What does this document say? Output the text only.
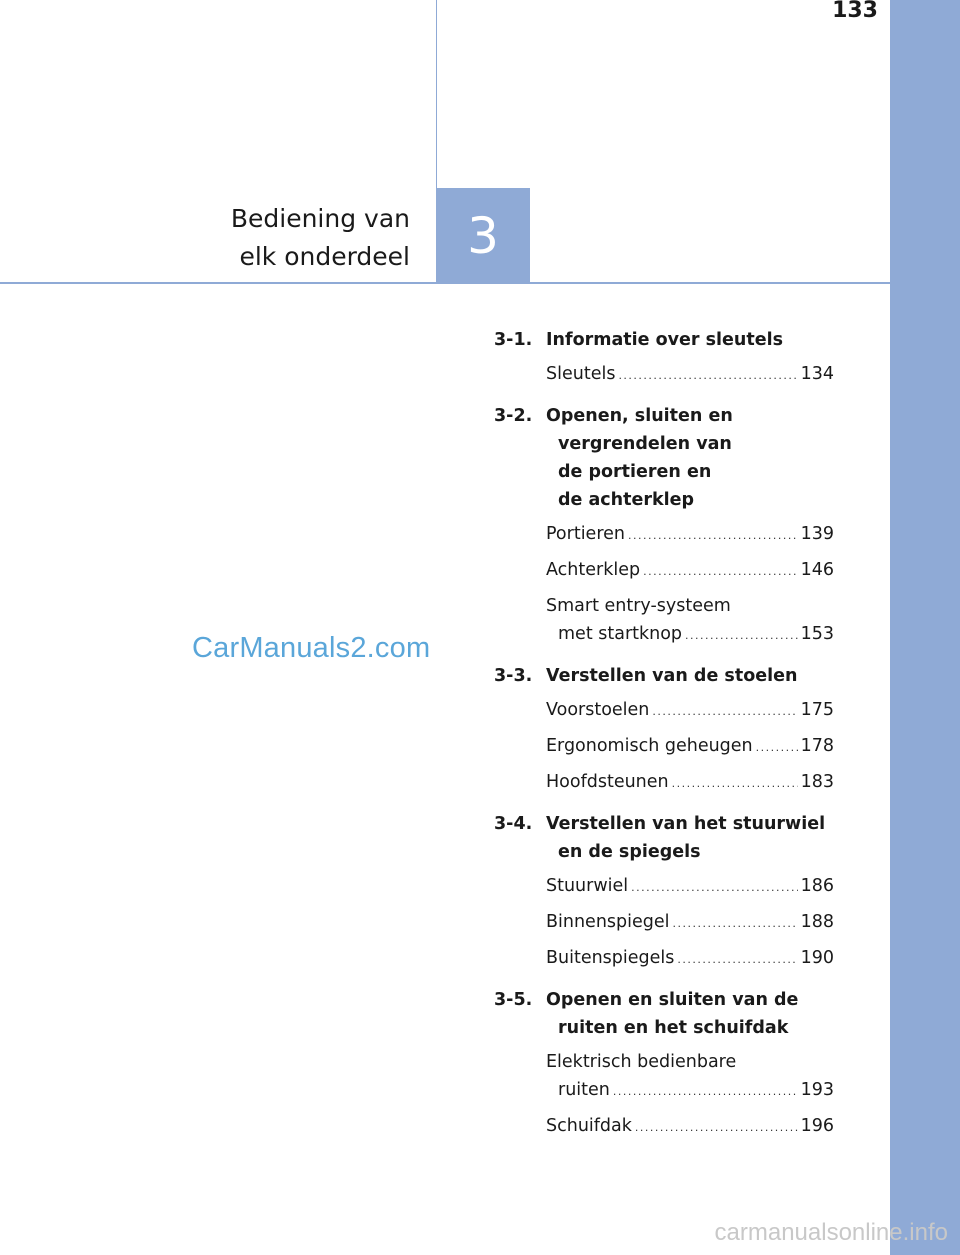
133
Bediening van
elk onderdeel 3
CarManuals2.com
3-1. Informatie over sleutels
Sleutels .....	134
3-2. Openen, sluiten en
vergrendelen van
de portieren en
de achterklep
Portieren .....	139
Achterklep .....	146
Smart entry-systeem
met startknop .....	153
3-3. Verstellen van de stoelen
Voorstoelen .....	175
Ergonomisch geheugen .....	178
Hoofdsteunen .....	183
3-4. Verstellen van het stuurwiel
en de spiegels
Stuurwiel .....	186
Binnenspiegel .....	188
Buitenspiegels .....	190
3-5. Openen en sluiten van de
ruiten en het schuifdak
Elektrisch bedienbare
ruiten .....	193
Schuifdak .....	196
carmanualsonline.info
